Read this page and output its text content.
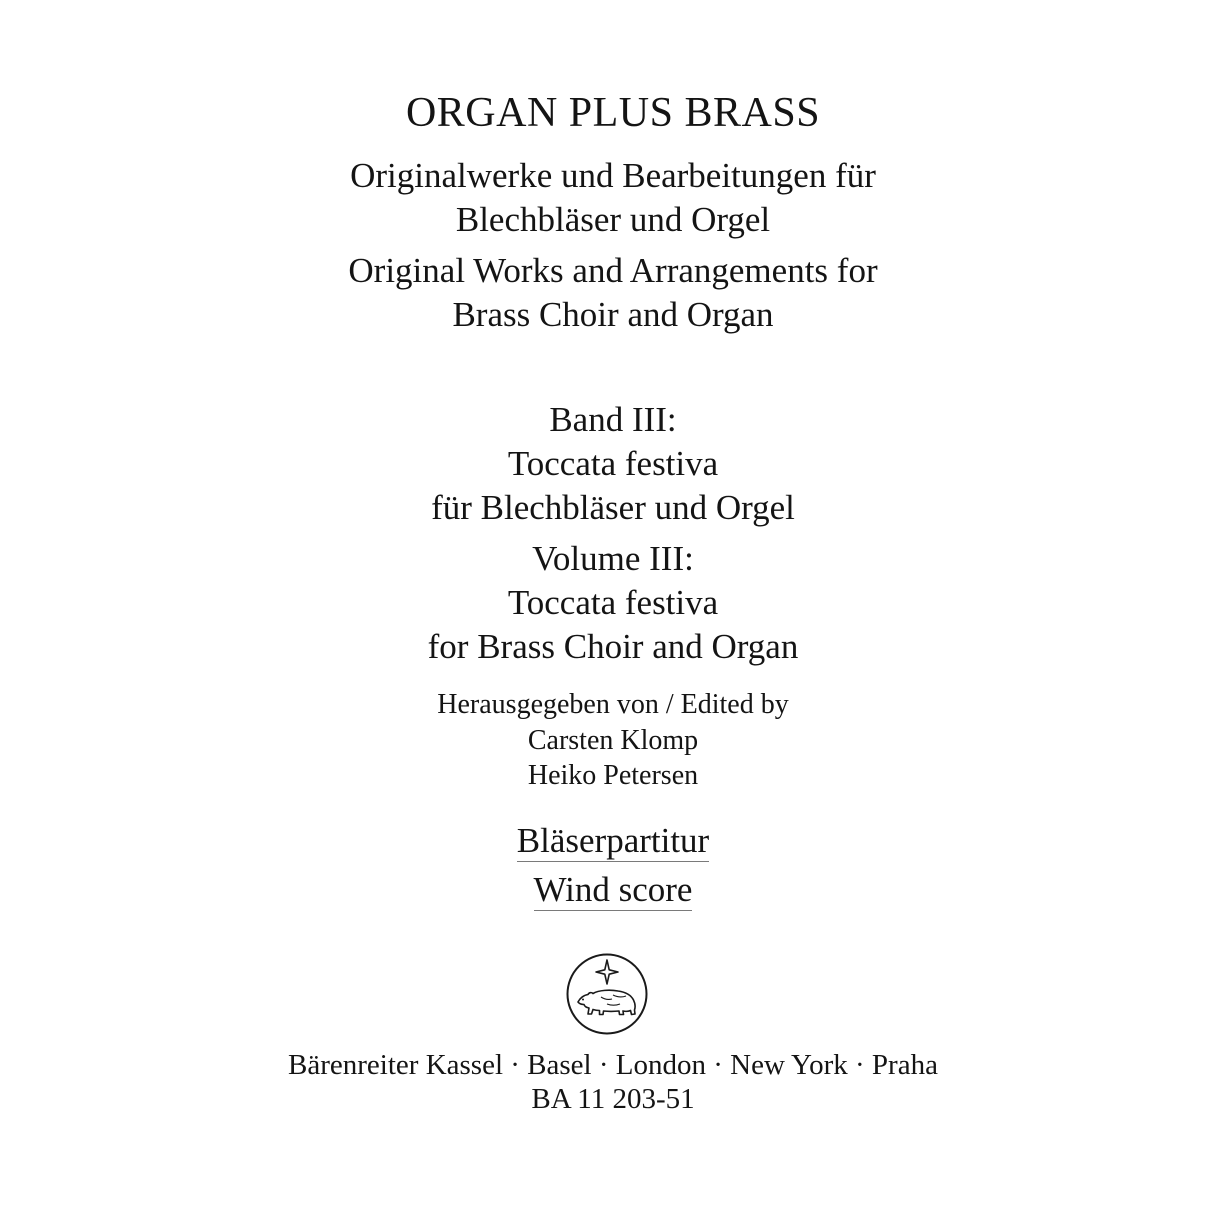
ORGAN PLUS BRASS
Originalwerke und Bearbeitungen für
Blechbläser und Orgel
Original Works and Arrangements for
Brass Choir and Organ
Band III:
Toccata festiva
für Blechbläser und Orgel
Volume III:
Toccata festiva
for Brass Choir and Organ
Herausgegeben von / Edited by
Carsten Klomp
Heiko Petersen
Bläserpartitur
Wind score
Bärenreiter Kassel · Basel · London · New York · Praha
BA 11 203-51
